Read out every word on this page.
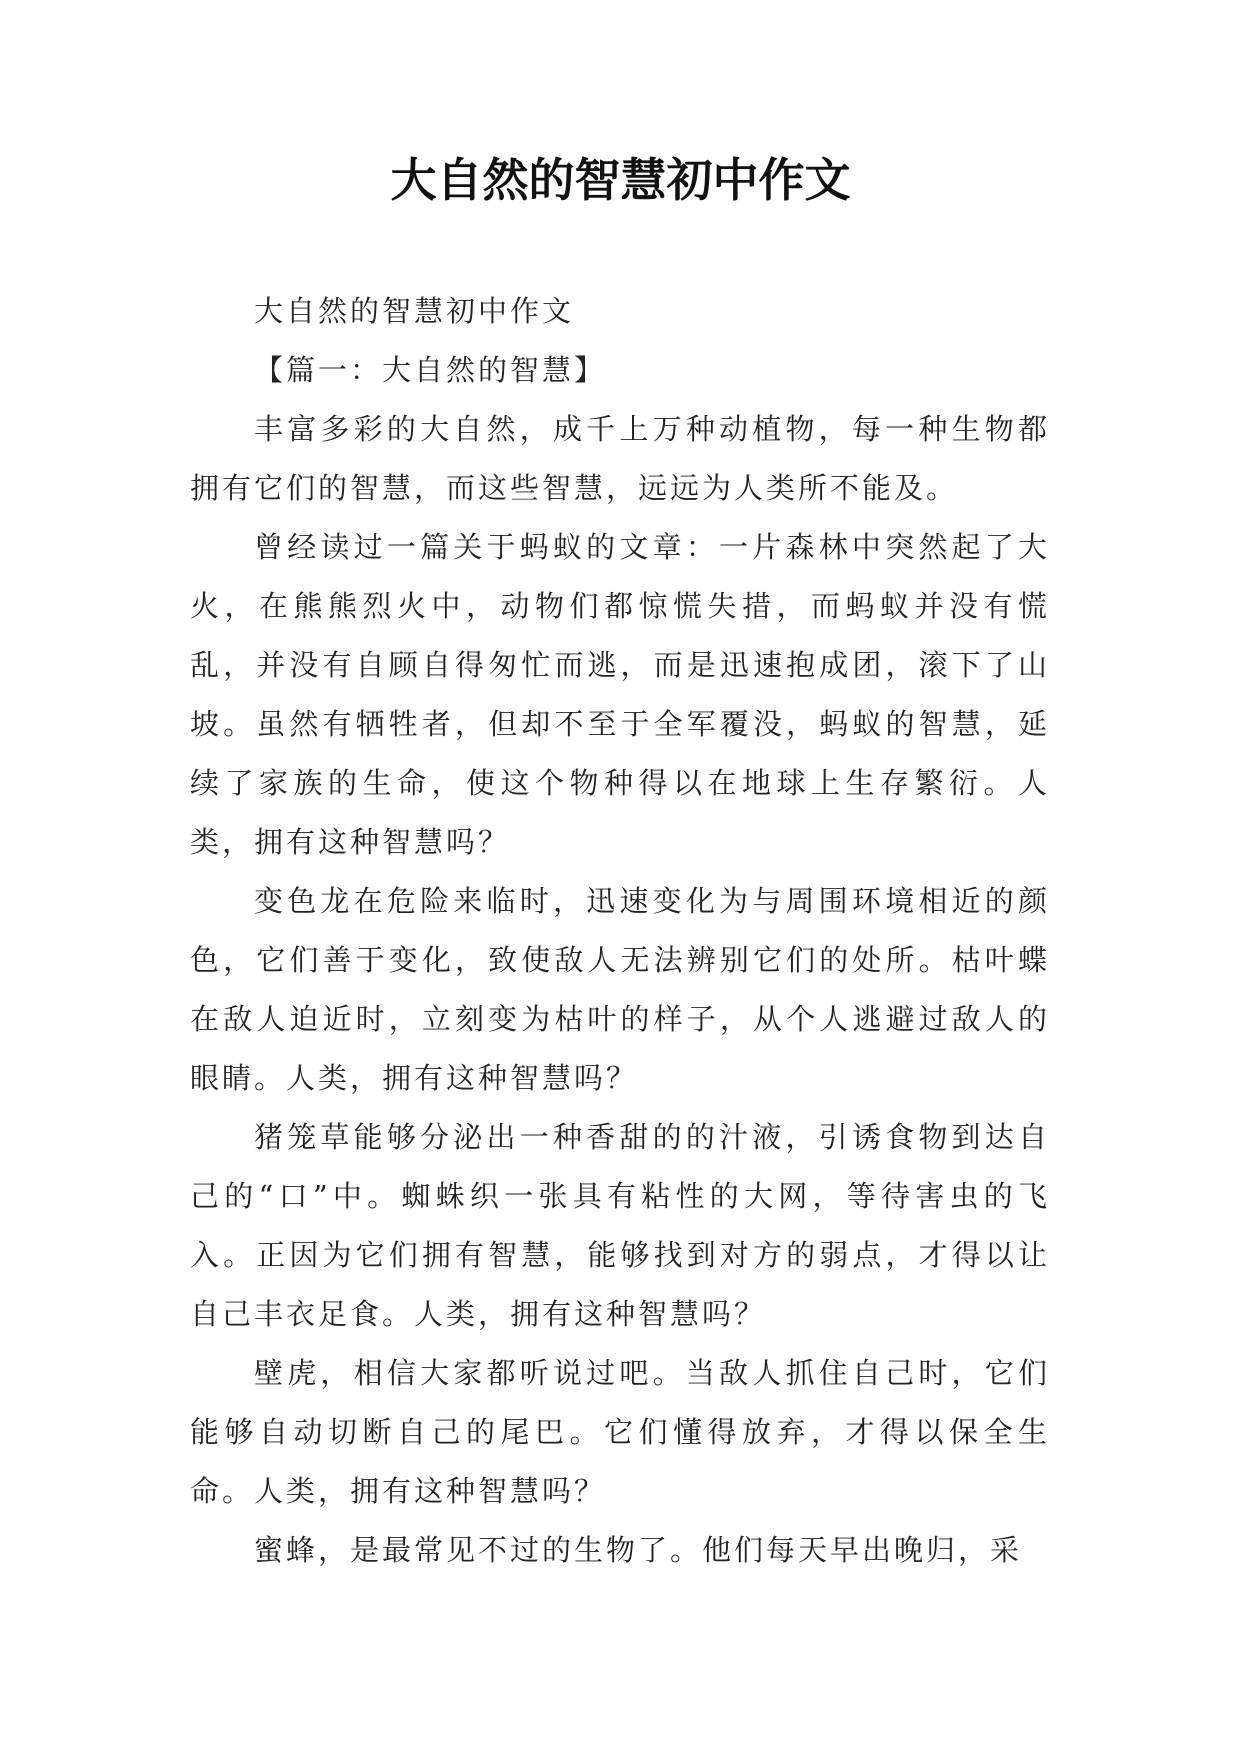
大自然的智慧初中作文

大自然的智慧初中作文

【篇一：大自然的智慧】

丰富多彩的大自然，成千上万种动植物，每一种生物都拥有它们的智慧，而这些智慧，远远为人类所不能及。

曾经读过一篇关于蚂蚁的文章：一片森林中突然起了大火，在熊熊烈火中，动物们都惊慌失措，而蚂蚁并没有慌乱，并没有自顾自得匆忙而逃，而是迅速抱成团，滚下了山坡。虽然有牺牲者，但却不至于全军覆没，蚂蚁的智慧，延续了家族的生命，使这个物种得以在地球上生存繁衍。人类，拥有这种智慧吗？

变色龙在危险来临时，迅速变化为与周围环境相近的颜色，它们善于变化，致使敌人无法辨别它们的处所。枯叶蝶在敌人迫近时，立刻变为枯叶的样子，从个人逃避过敌人的眼睛。人类，拥有这种智慧吗？

猪笼草能够分泌出一种香甜的的汁液，引诱食物到达自己的“口”中。蜘蛛织一张具有粘性的大网，等待害虫的飞入。正因为它们拥有智慧，能够找到对方的弱点，才得以让自己丰衣足食。人类，拥有这种智慧吗？

壁虎，相信大家都听说过吧。当敌人抓住自己时，它们能够自动切断自己的尾巴。它们懂得放弃，才得以保全生命。人类，拥有这种智慧吗？

蜜蜂，是最常见不过的生物了。他们每天早出晚归，采
